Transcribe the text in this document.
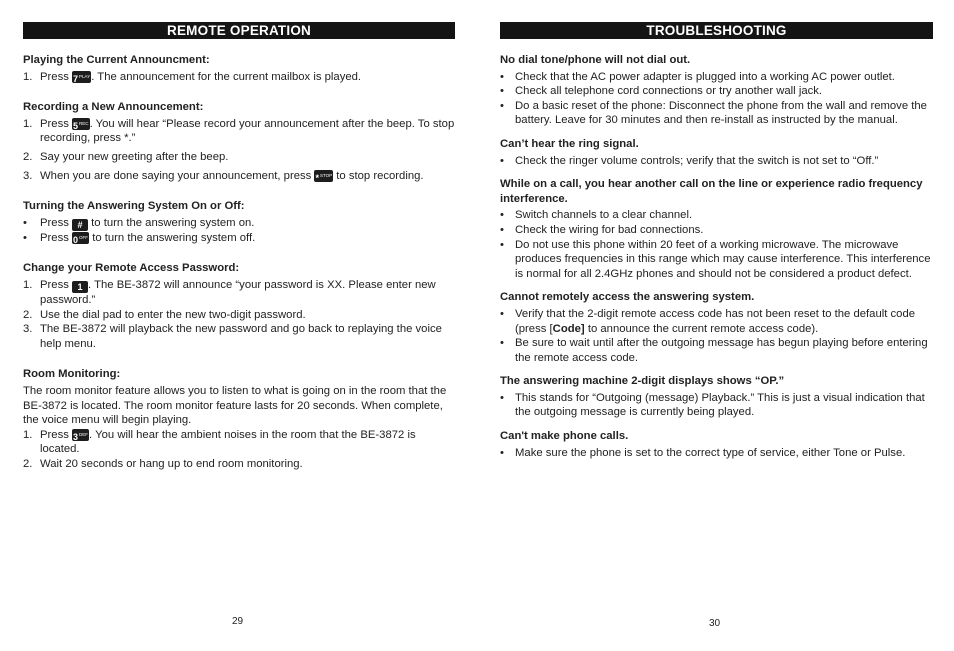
REMOTE OPERATION
Playing the Current Announcment:
1. Press $7^{PLAY}$. The announcement for the current mailbox is played.
Recording a New Announcement:
1. Press $5^{REC}$. You will hear “Please record your announcement after the beep. To stop recording, press *.”
2. Say your new greeting after the beep.
3. When you are done saying your announcement, press *$^{STOP}$ to stop recording.
Turning the Answering System On or Off:
•	Press # to turn the answering system on.
•	Press $0^{OFF}$ to turn the answering system off.
Change your Remote Access Password:
1. Press 1 . The BE-3872 will announce “your password is XX. Please enter new password.”
2. Use the dial pad to enter the new two-digit password.
3. The BE-3872 will playback the new password and go back to replaying the voice help menu.
Room Monitoring:

The room monitor feature allows you to listen to what is going on in the room that the BE-3872 is located. The room monitor feature lasts for 20 seconds. When complete, the voice menu will begin playing.

1. Press $3^{DEF}$. You will hear the ambient noises in the room that the BE-3872 is located.
2. Wait 20 seconds or hang up to end room monitoring.
TROUBLESHOOTING
No dial tone/phone will not dial out.
• Check that the AC power adapter is plugged into a working AC power outlet.
• Check all telephone cord connections or try another wall jack.
• Do a basic reset of the phone: Disconnect the phone from the wall and remove the battery. Leave for 30 minutes and then re-install as instructed by the manual.
Can’t hear the ring signal.
• Check the ringer volume controls; verify that the switch is not set to “Off.”
While on a call, you hear another call on the line or experience radio frequency interference.
• Switch channels to a clear channel.
• Check the wiring for bad connections.
• Do not use this phone within 20 feet of a working microwave. The microwave produces frequencies in this range which may cause interference. This interference is normal for all 2.4GHz phones and should not be considered a product defect.
Cannot remotely access the answering system.
• Verify that the 2-digit remote access code has not been reset to the default code (press [Code] to announce the current remote access code).
• Be sure to wait until after the outgoing message has begun playing before entering the remote access code.
The answering machine 2-digit displays shows “OP.”
• This stands for “Outgoing (message) Playback.” This is just a visual indication that the outgoing message is currently being played.
Can't make phone calls.
• Make sure the phone is set to the correct type of service, either Tone or Pulse.
29	30
